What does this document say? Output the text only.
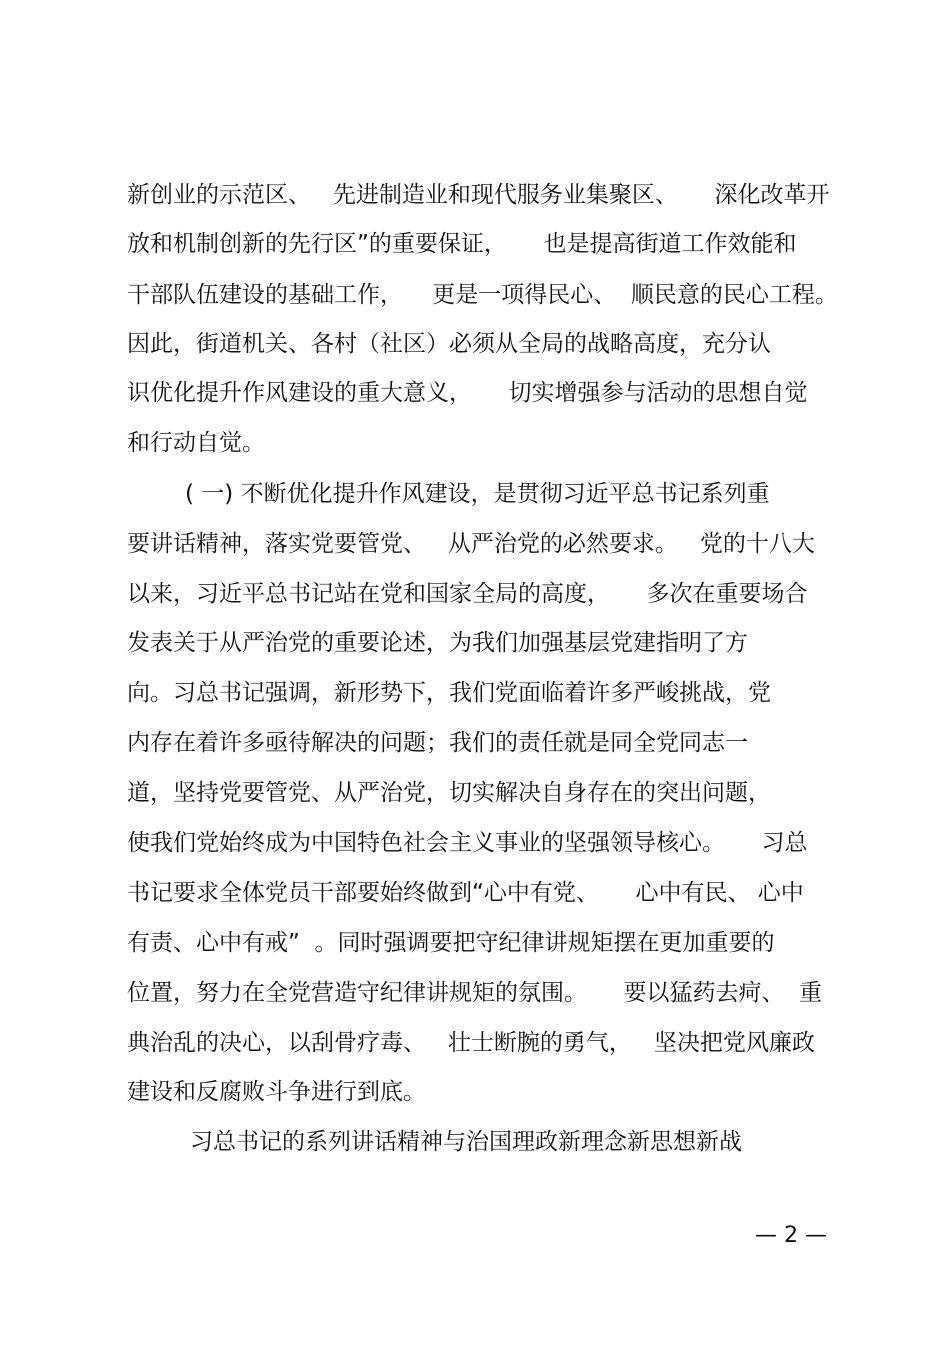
新创业的示范区、   先进制造业和现代服务业集聚区、     深化改革开
放和机制创新的先行区”的重要保证，     也是提高街道工作效能和
干部队伍建设的基础工作，    更是一项得民心、  顺民意的民心工程。
因此，街道机关、各村（社区）必须从全局的战略高度，充分认
识优化提升作风建设的重大意义，     切实增强参与活动的思想自觉
和行动自觉。
( 一) 不断优化提升作风建设，是贯彻习近平总书记系列重
要讲话精神，落实党要管党、   从严治党的必然要求。   党的十八大
以来，习近平总书记站在党和国家全局的高度，     多次在重要场合
发表关于从严治党的重要论述，为我们加强基层党建指明了方
向。习总书记强调，新形势下，我们党面临着许多严峻挑战，党
内存在着许多亟待解决的问题；我们的责任就是同全党同志一
道，坚持党要管党、从严治党，切实解决自身存在的突出问题，
使我们党始终成为中国特色社会主义事业的坚强领导核心。     习总
书记要求全体党员干部要始终做到“心中有党、     心中有民、 心中
有责、心中有戒”  。同时强调要把守纪律讲规矩摆在更加重要的
位置，努力在全党营造守纪律讲规矩的氛围。     要以猛药去疴、  重
典治乱的决心，以刮骨疗毒、   壮士断腕的勇气，   坚决把党风廉政
建设和反腐败斗争进行到底。
习总书记的系列讲话精神与治国理政新理念新思想新战
— 2 —
